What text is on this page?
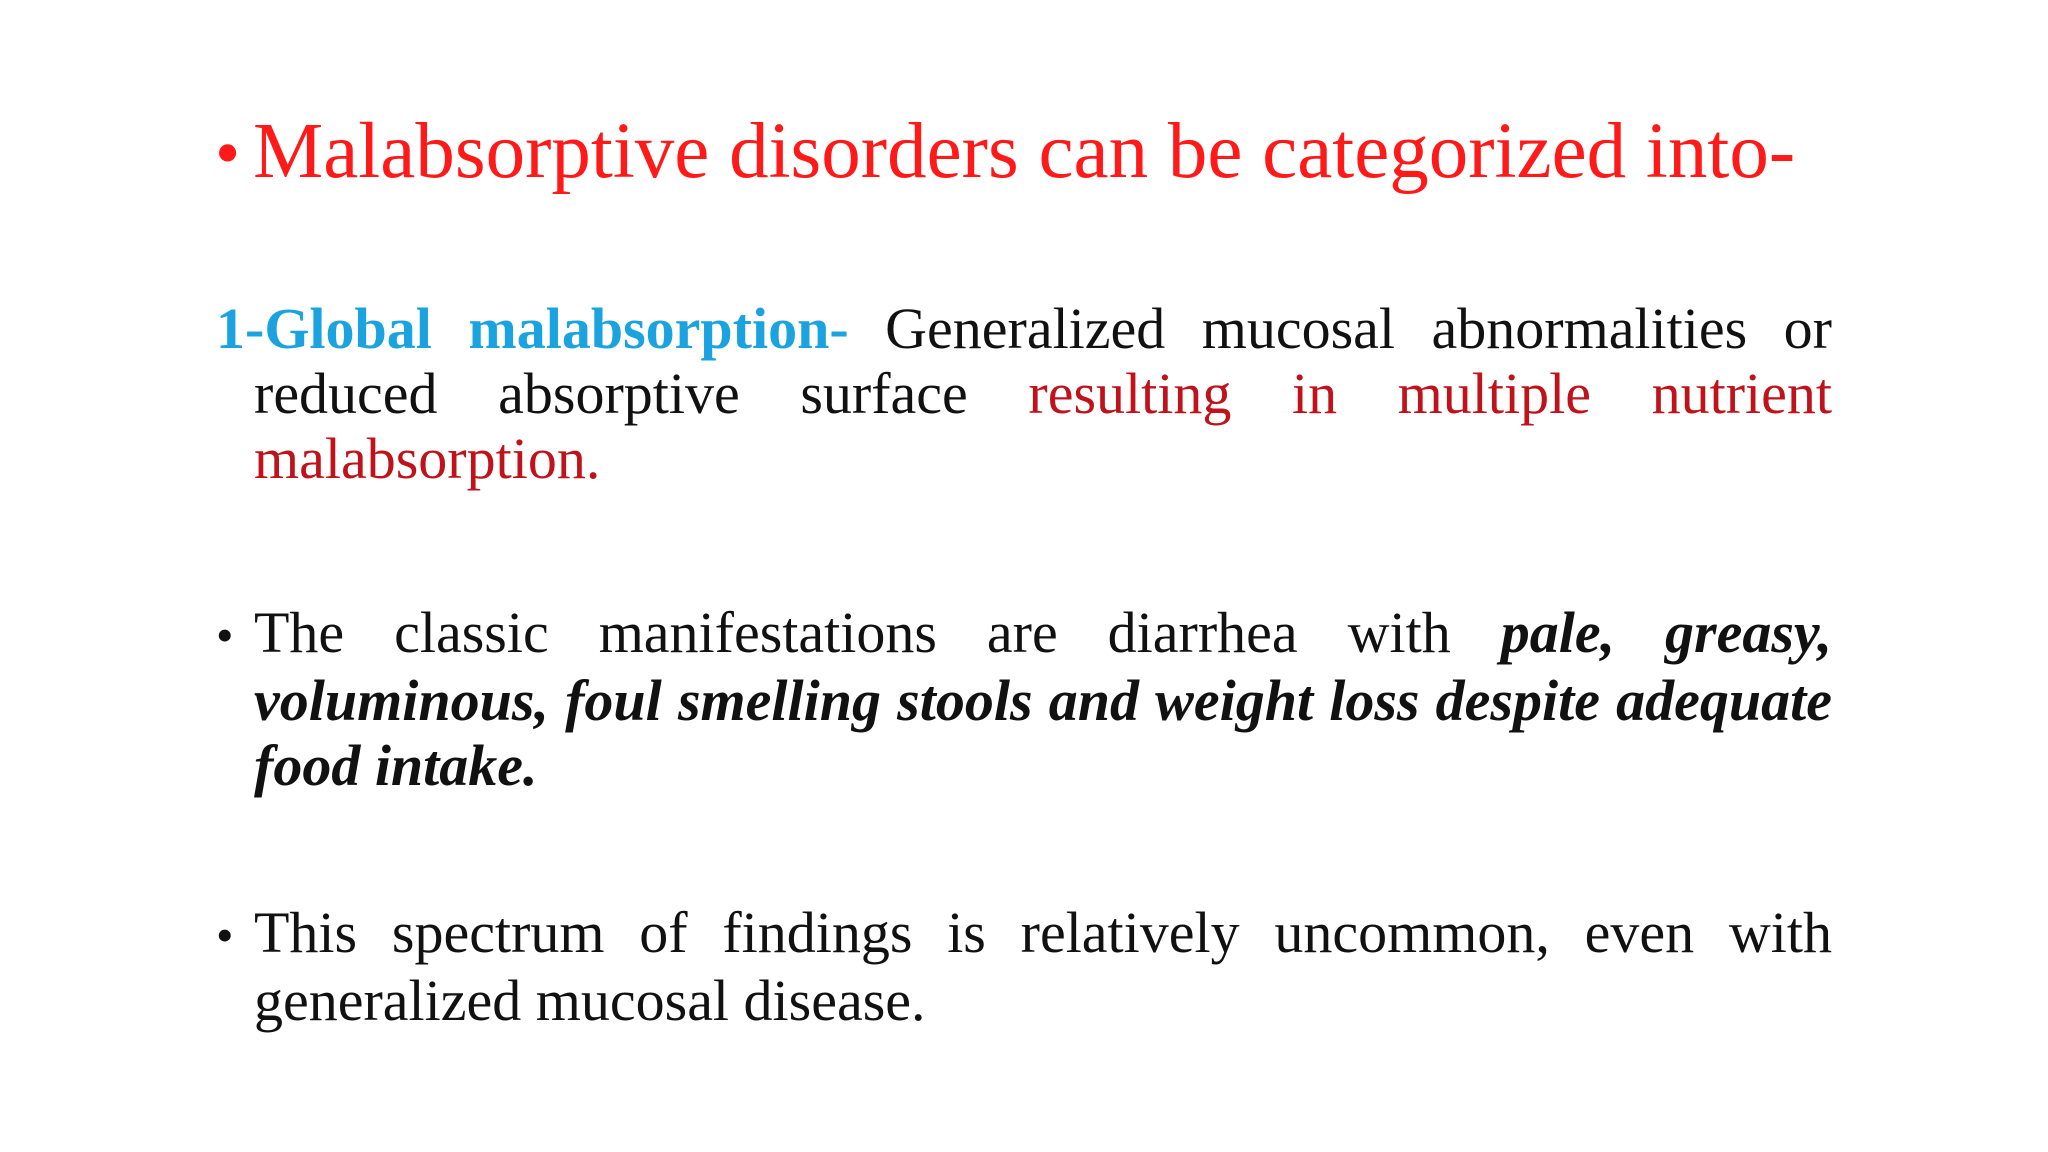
• Malabsorptive disorders can be categorized into-
1-Global malabsorption- Generalized mucosal abnormalities or reduced absorptive surface resulting in multiple nutrient malabsorption.
• The classic manifestations are diarrhea with pale, greasy, voluminous, foul smelling stools and weight loss despite adequate food intake.
• This spectrum of findings is relatively uncommon, even with generalized mucosal disease.
